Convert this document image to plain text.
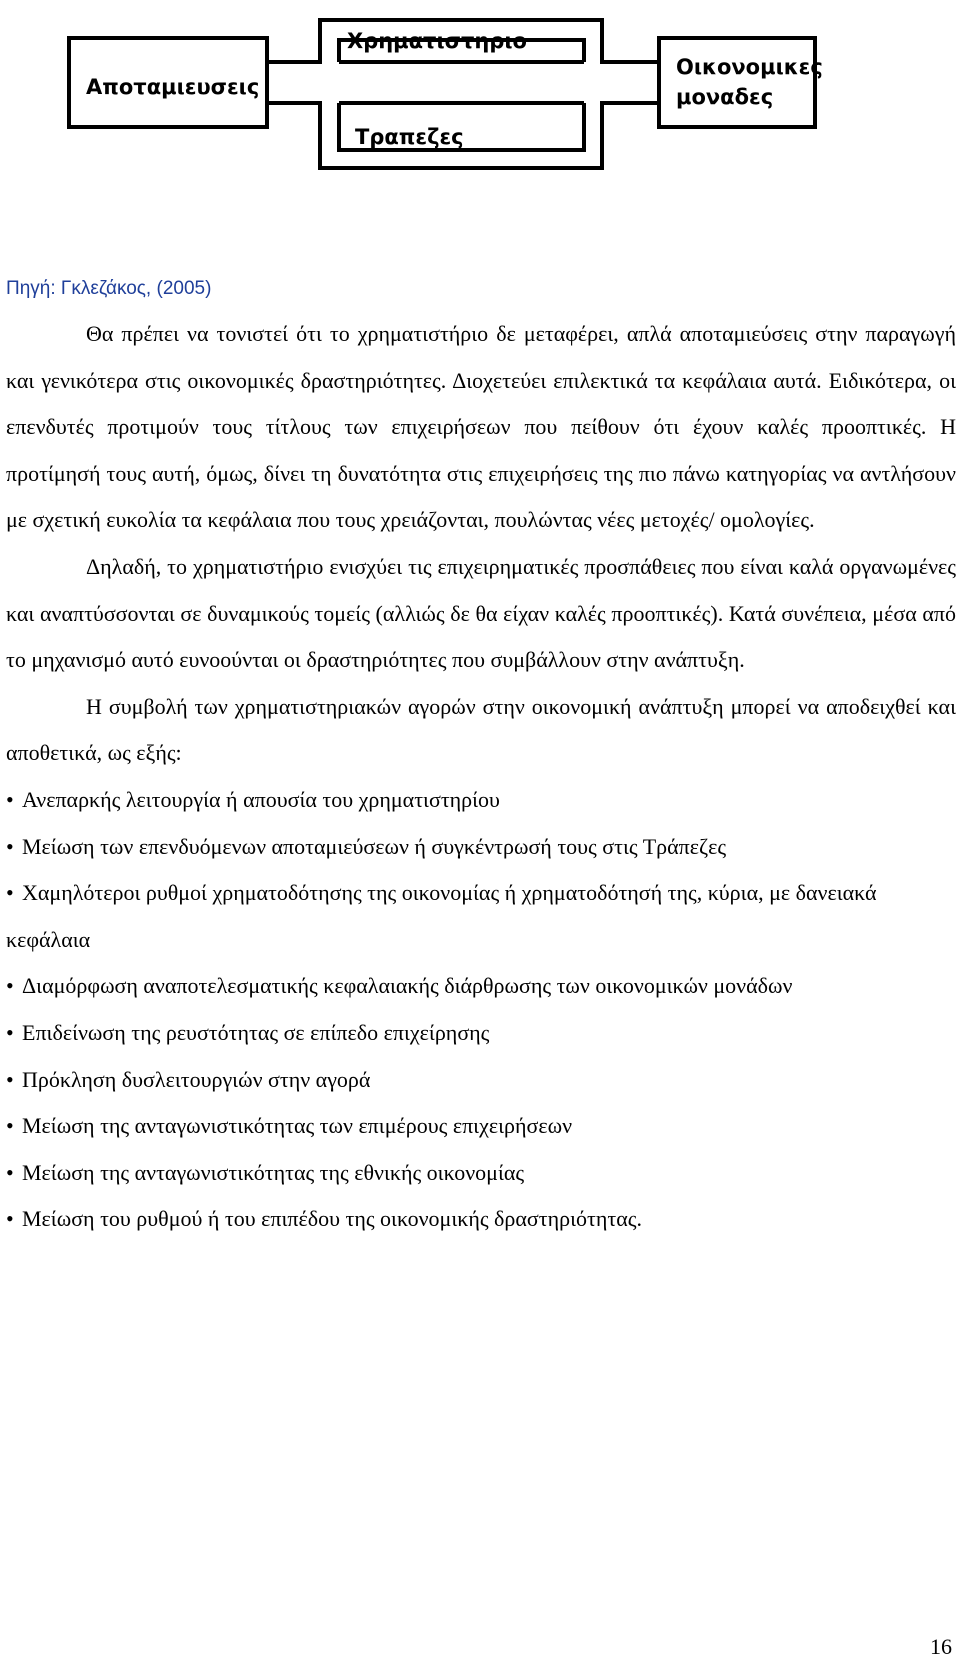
Αποταμιευσεις
Χρηματιστηριο
Τραπεζες
Οικονομικες μοναδες
Πηγή: Γκλεζάκος, (2005)

Θα πρέπει να τονιστεί ότι το χρηματιστήριο δε μεταφέρει, απλά αποταμιεύσεις στην παραγωγή και γενικότερα στις οικονομικές δραστηριότητες. Διοχετεύει επιλεκτικά τα κεφάλαια αυτά. Ειδικότερα, οι επενδυτές προτιμούν τους τίτλους των επιχειρήσεων που πείθουν ότι έχουν καλές προοπτικές. Η προτίμησή τους αυτή, όμως, δίνει τη δυνατότητα στις επιχειρήσεις της πιο πάνω κατηγορίας να αντλήσουν με σχετική ευκολία τα κεφάλαια που τους χρειάζονται, πουλώντας νέες μετοχές/ ομολογίες.

Δηλαδή, το χρηματιστήριο ενισχύει τις επιχειρηματικές προσπάθειες που είναι καλά οργανωμένες και αναπτύσσονται σε δυναμικούς τομείς (αλλιώς δε θα είχαν καλές προοπτικές). Κατά συνέπεια, μέσα από το μηχανισμό αυτό ευνοούνται οι δραστηριότητες που συμβάλλουν στην ανάπτυξη.

Η συμβολή των χρηματιστηριακών αγορών στην οικονομική ανάπτυξη μπορεί να αποδειχθεί και αποθετικά, ως εξής:

• Ανεπαρκής λειτουργία ή απουσία του χρηματιστηρίου
• Μείωση των επενδυόμενων αποταμιεύσεων ή συγκέντρωσή τους στις Τράπεζες
• Χαμηλότεροι ρυθμοί χρηματοδότησης της οικονομίας ή χρηματοδότησή της, κύρια, με δανειακά κεφάλαια
• Διαμόρφωση αναποτελεσματικής κεφαλαιακής διάρθρωσης των οικονομικών μονάδων
• Επιδείνωση της ρευστότητας σε επίπεδο επιχείρησης
• Πρόκληση δυσλειτουργιών στην αγορά
• Μείωση της ανταγωνιστικότητας των επιμέρους επιχειρήσεων
• Μείωση της ανταγωνιστικότητας της εθνικής οικονομίας
• Μείωση του ρυθμού ή του επιπέδου της οικονομικής δραστηριότητας.
16
